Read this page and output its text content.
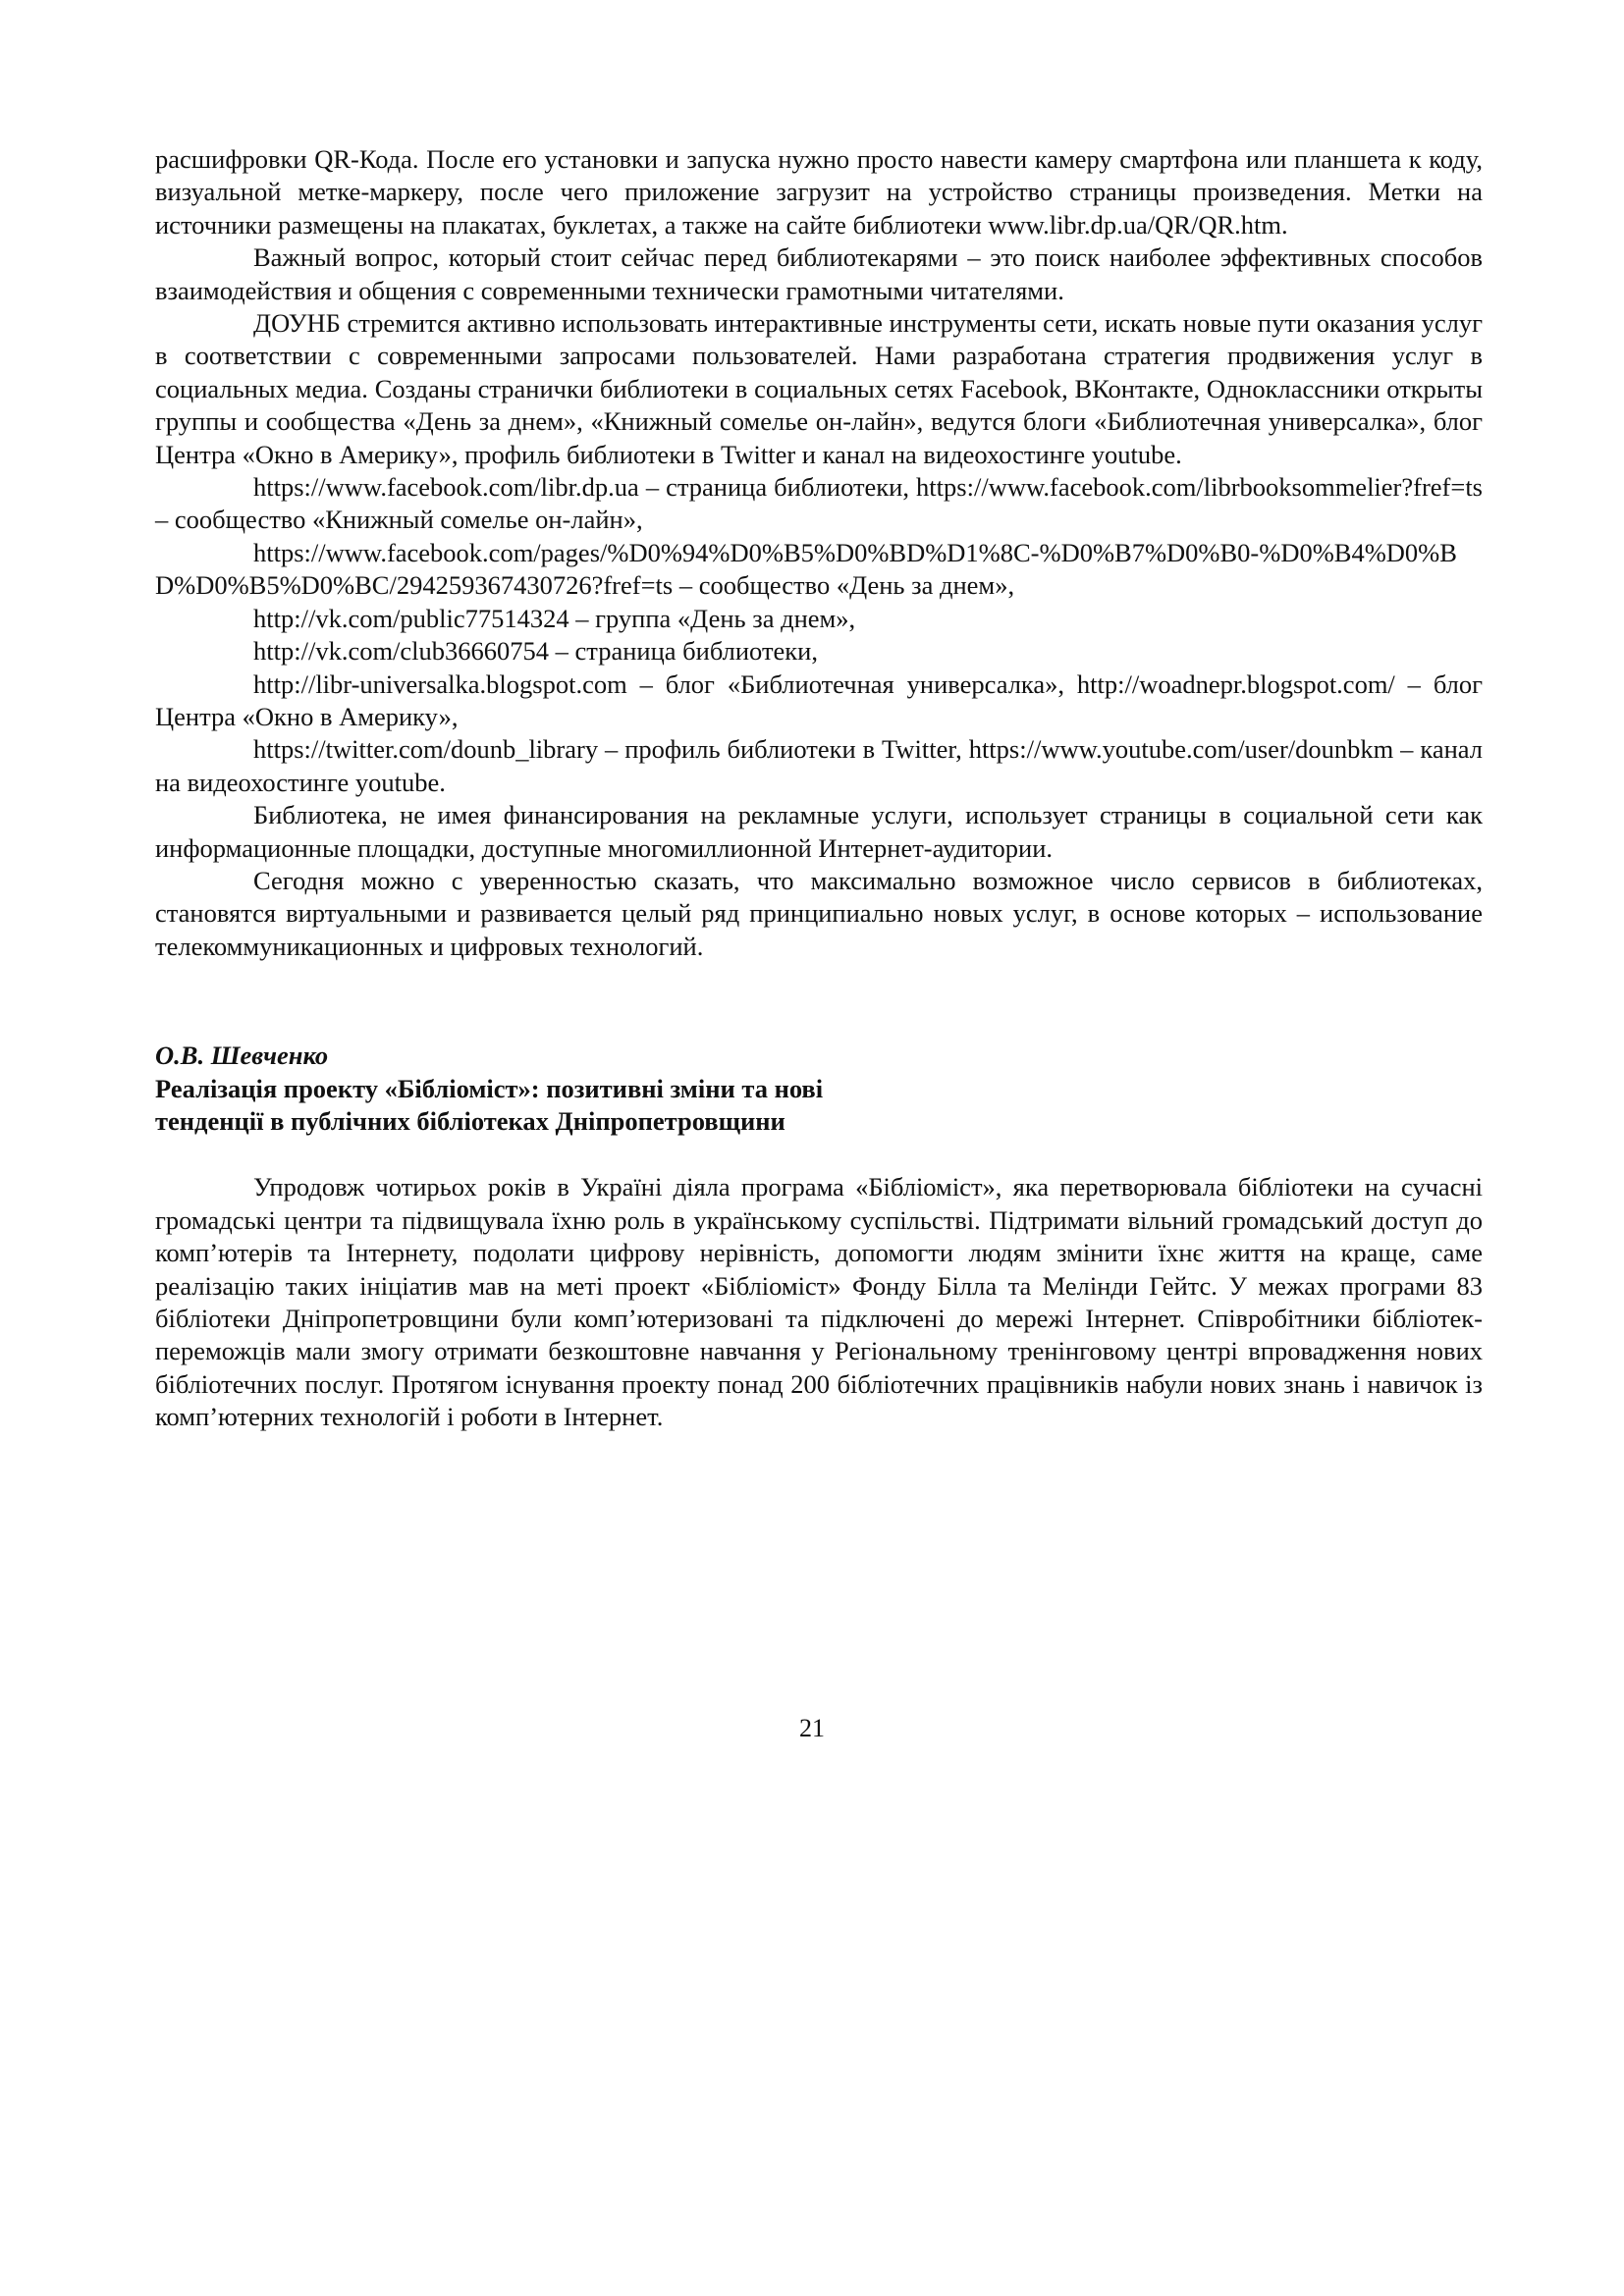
расшифровки QR-Кода. После его установки и запуска нужно просто навести камеру смартфона или планшета к коду, визуальной метке-маркеру, после чего приложение загрузит на устройство страницы произведения. Метки на источники размещены на плакатах, буклетах, а также на сайте библиотеки www.libr.dp.ua/QR/QR.htm.

Важный вопрос, который стоит сейчас перед библиотекарями – это поиск наиболее эффективных способов взаимодействия и общения с современными технически грамотными читателями.

ДОУНБ стремится активно использовать интерактивные инструменты сети, искать новые пути оказания услуг в соответствии с современными запросами пользователей. Нами разработана стратегия продвижения услуг в социальных медиа. Созданы странички библиотеки в социальных сетях Facebook, ВКонтакте, Одноклассники открыты группы и сообщества «День за днем», «Книжный сомелье он-лайн», ведутся блоги «Библиотечная универсалка», блог Центра «Окно в Америку», профиль библиотеки в Twitter и канал на видеохостинге youtube.

https://www.facebook.com/libr.dp.ua – страница библиотеки, https://www.facebook.com/librbooksommelier?fref=ts – сообщество «Книжный сомелье он-лайн»,

https://www.facebook.com/pages/%D0%94%D0%B5%D0%BD%D1%8C-%D0%B7%D0%B0-%D0%B4%D0%BD%D0%B5%D0%BC/294259367430726?fref=ts – сообщество «День за днем»,

http://vk.com/public77514324 – группа «День за днем»,

http://vk.com/club36660754 – страница библиотеки,

http://libr-universalka.blogspot.com – блог «Библиотечная универсалка», http://woadnepr.blogspot.com/ – блог Центра «Окно в Америку»,

https://twitter.com/dounb_library – профиль библиотеки в Twitter, https://www.youtube.com/user/dounbkm – канал на видеохостинге youtube.

Библиотека, не имея финансирования на рекламные услуги, использует страницы в социальной сети как информационные площадки, доступные многомиллионной Интернет-аудитории.

Сегодня можно с уверенностью сказать, что максимально возможное число сервисов в библиотеках, становятся виртуальными и развивается целый ряд принципиально новых услуг, в основе которых – использование телекоммуникационных и цифровых технологий.

О.В. Шевченко

Реалізація проекту «Бібліоміст»: позитивні зміни та нові

тенденції в публічних бібліотеках Дніпропетровщини

Упродовж чотирьох років в Україні діяла програма «Бібліоміст», яка перетворювала бібліотеки на сучасні громадські центри та підвищувала їхню роль в українському суспільстві. Підтримати вільний громадський доступ до комп’ютерів та Інтернету, подолати цифрову нерівність, допомогти людям змінити їхнє життя на краще, саме реалізацію таких ініціатив мав на меті проект «Бібліоміст» Фонду Білла та Мелінди Гейтс. У межах програми 83 бібліотеки Дніпропетровщини були комп’ютеризовані та підключені до мережі Інтернет. Співробітники бібліотек-переможців мали змогу отримати безкоштовне навчання у Регіональному тренінговому центрі впровадження нових бібліотечних послуг. Протягом існування проекту понад 200 бібліотечних працівників набули нових знань і навичок із комп’ютерних технологій і роботи в Інтернет.

21
